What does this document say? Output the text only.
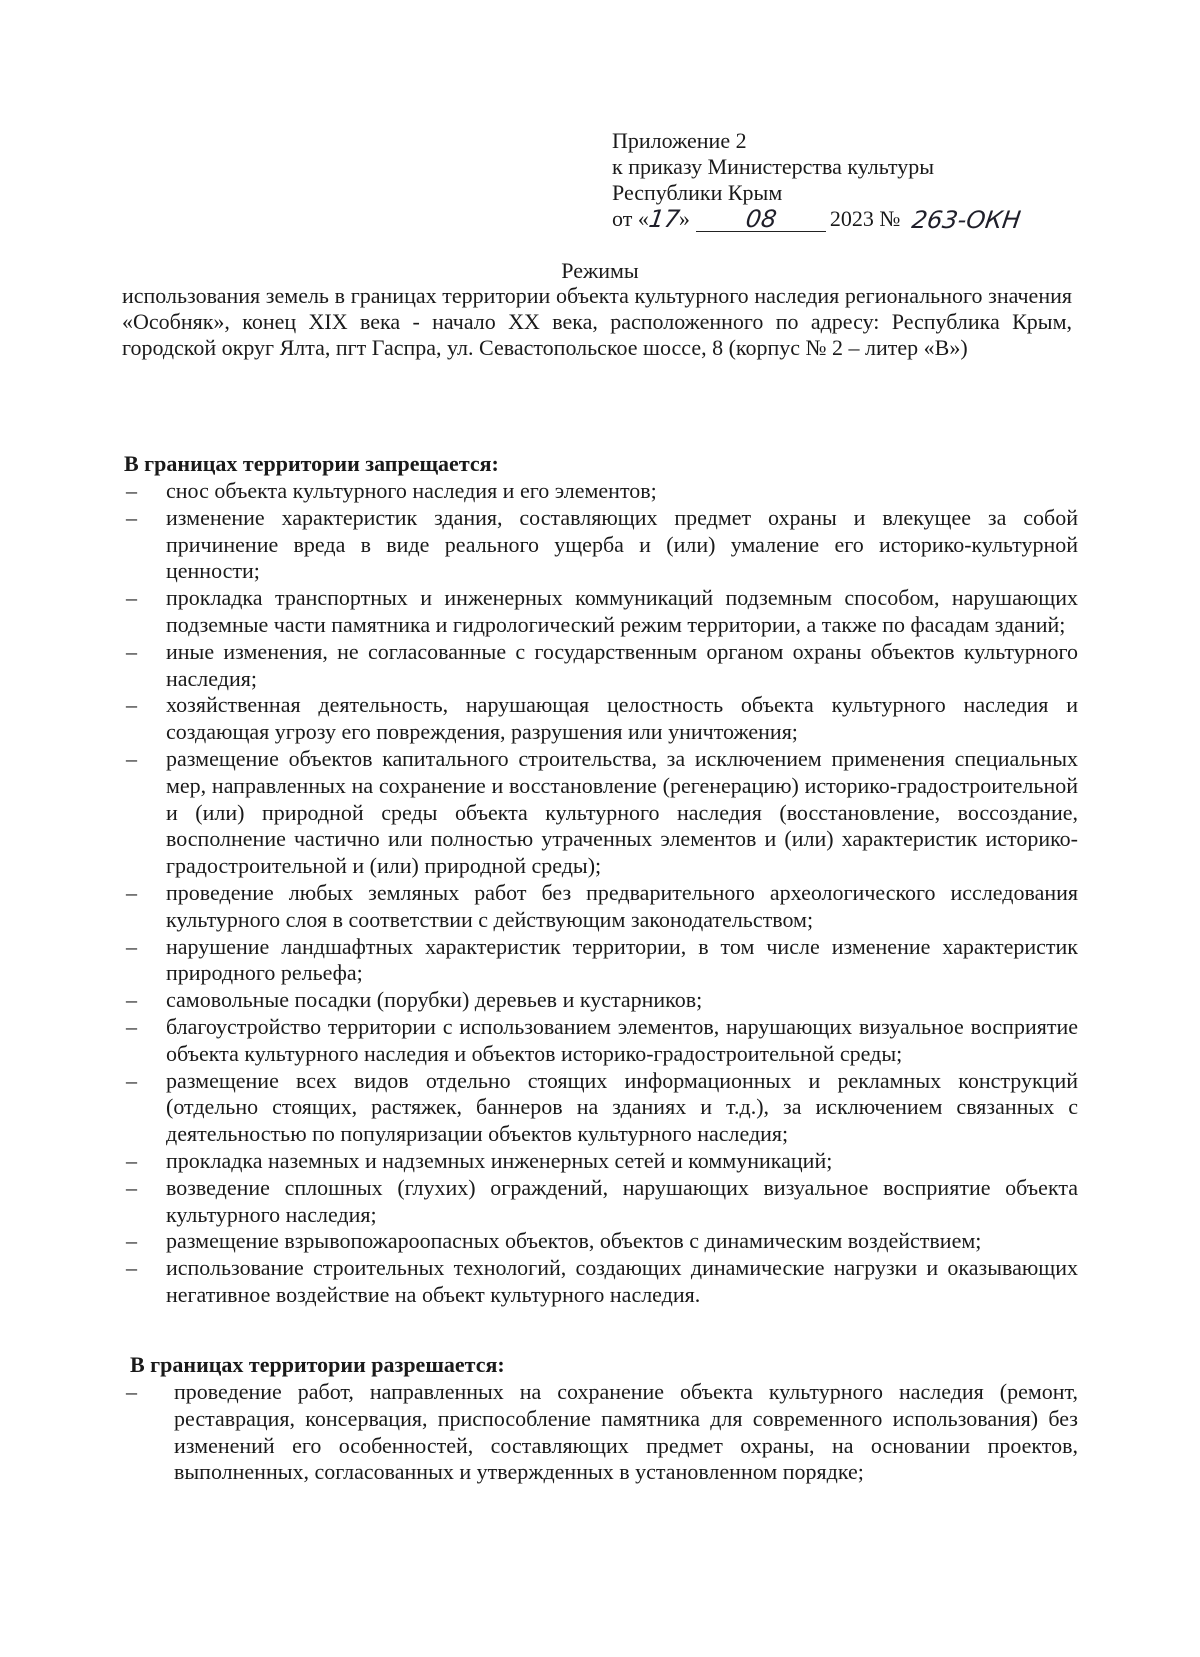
Приложение 2
к приказу Министерства культуры
Республики Крым
от «
17
»	08	2023 № 263-ОКН
Режимы
использования земель в границах территории объекта культурного наследия регионального значения «Особняк», конец XIX века - начало XX века, расположенного по адресу: Республика Крым, городской округ Ялта, пгт Гаспра, ул. Севастопольское шоссе, 8 (корпус № 2 – литер «В»)
В границах территории запрещается:
– снос объекта культурного наследия и его элементов;
– изменение характеристик здания, составляющих предмет охраны и влекущее за собой причинение вреда в виде реального ущерба и (или) умаление его историко-культурной ценности;
– прокладка транспортных и инженерных коммуникаций подземным способом, нарушающих подземные части памятника и гидрологический режим территории, а также по фасадам зданий;
– иные изменения, не согласованные с государственным органом охраны объектов культурного наследия;
– хозяйственная деятельность, нарушающая целостность объекта культурного наследия и создающая угрозу его повреждения, разрушения или уничтожения;
– размещение объектов капитального строительства, за исключением применения специальных мер, направленных на сохранение и восстановление (регенерацию) историко-градостроительной и (или) природной среды объекта культурного наследия (восстановление, воссоздание, восполнение частично или полностью утраченных элементов и (или) характеристик историко-градостроительной и (или) природной среды);
– проведение любых земляных работ без предварительного археологического исследования культурного слоя в соответствии с действующим законодательством;
– нарушение ландшафтных характеристик территории, в том числе изменение характеристик природного рельефа;
– самовольные посадки (порубки) деревьев и кустарников;
– благоустройство территории с использованием элементов, нарушающих визуальное восприятие объекта культурного наследия и объектов историко-градостроительной среды;
– размещение всех видов отдельно стоящих информационных и рекламных конструкций (отдельно стоящих, растяжек, баннеров на зданиях и т.д.), за исключением связанных с деятельностью по популяризации объектов культурного наследия;
– прокладка наземных и надземных инженерных сетей и коммуникаций;
– возведение сплошных (глухих) ограждений, нарушающих визуальное восприятие объекта культурного наследия;
– размещение взрывопожароопасных объектов, объектов с динамическим воздействием;
– использование строительных технологий, создающих динамические нагрузки и оказывающих негативное воздействие на объект культурного наследия.
В границах территории разрешается:
– проведение работ, направленных на сохранение объекта культурного наследия (ремонт, реставрация, консервация, приспособление памятника для современного использования) без изменений его особенностей, составляющих предмет охраны, на основании проектов, выполненных, согласованных и утвержденных в установленном порядке;
